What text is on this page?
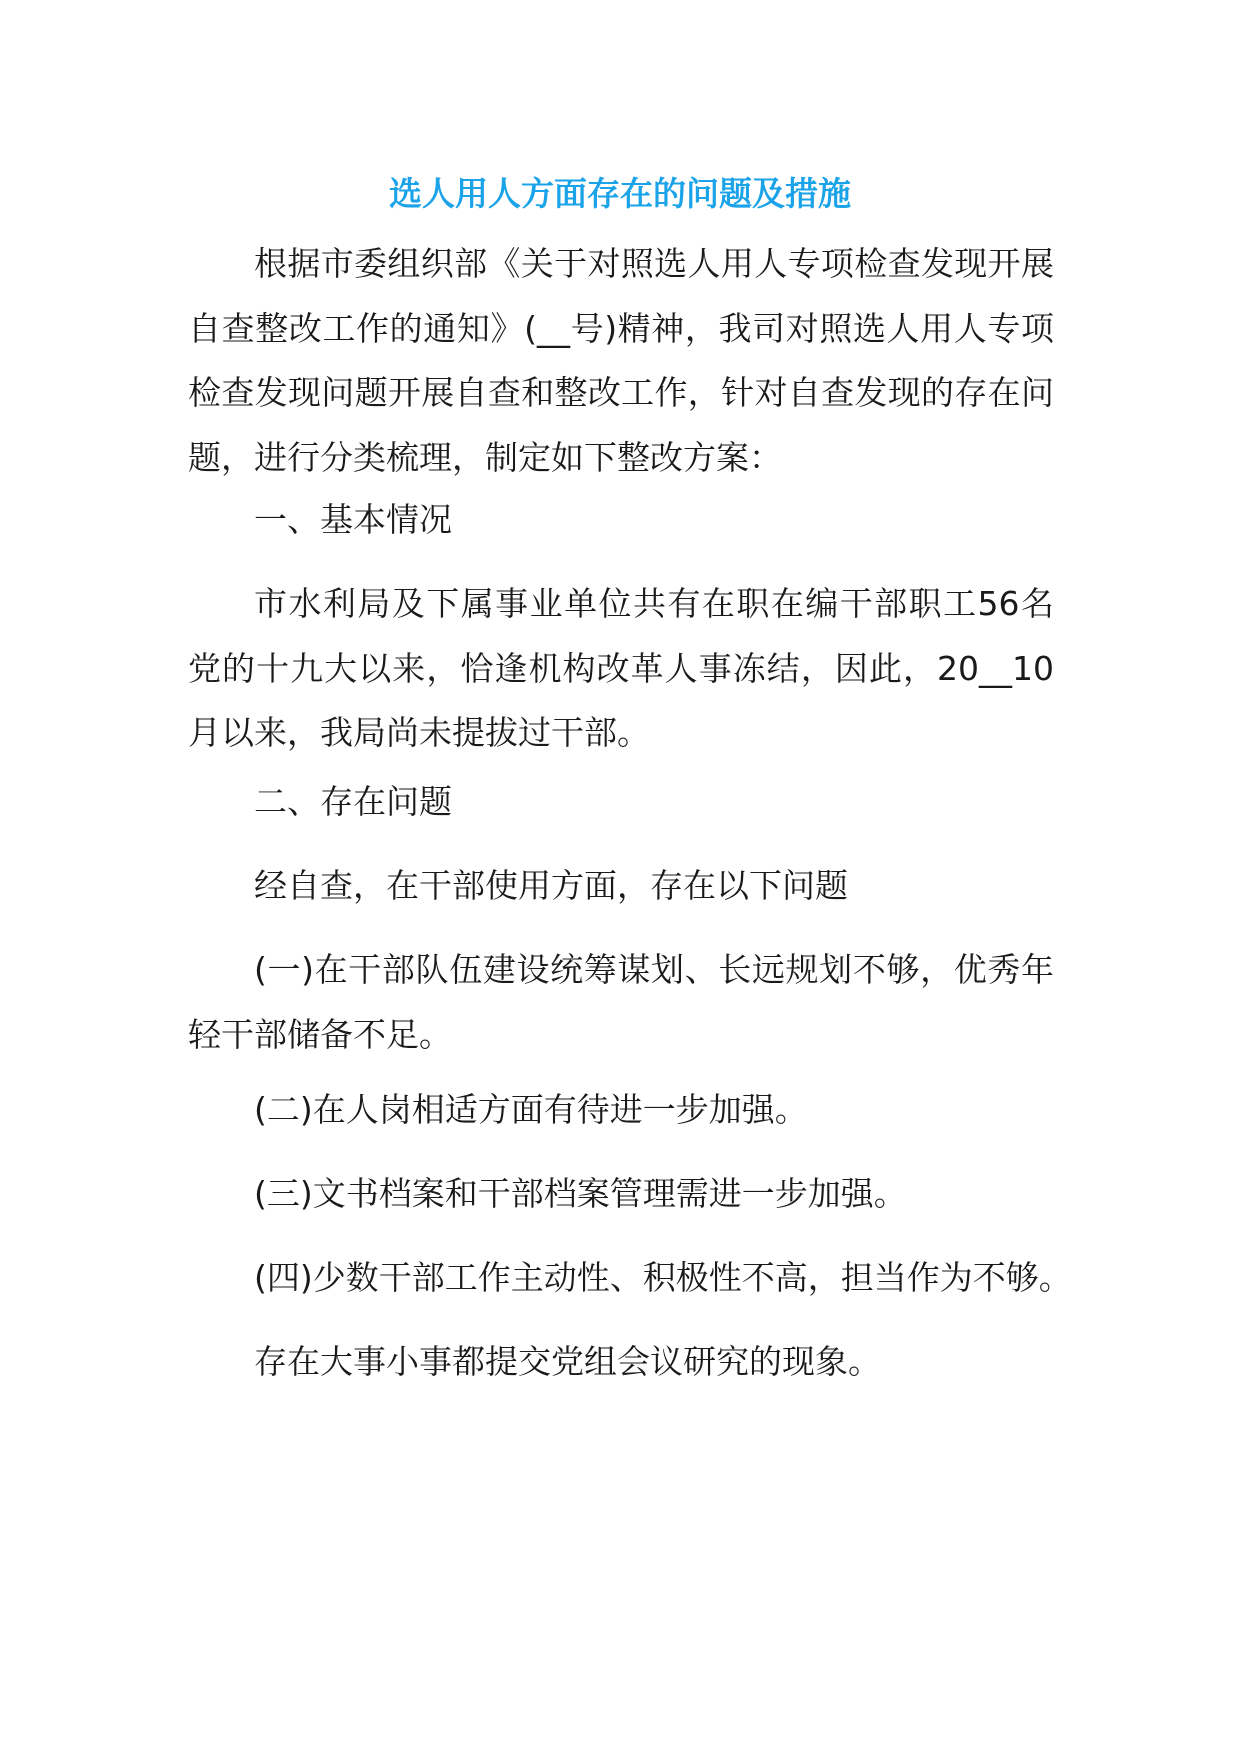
选人用人方面存在的问题及措施

根据市委组织部《关于对照选人用人专项检查发现开展自查整改工作的通知》(__号)精神，我司对照选人用人专项检查发现问题开展自查和整改工作，针对自查发现的存在问题，进行分类梳理，制定如下整改方案：

一、基本情况

市水利局及下属事业单位共有在职在编干部职工56名党的十九大以来，恰逢机构改革人事冻结，因此，20__10月以来，我局尚未提拔过干部。

二、存在问题

经自查，在干部使用方面，存在以下问题

(一)在干部队伍建设统筹谋划、长远规划不够，优秀年轻干部储备不足。

(二)在人岗相适方面有待进一步加强。

(三)文书档案和干部档案管理需进一步加强。

(四)少数干部工作主动性、积极性不高，担当作为不够。

存在大事小事都提交党组会议研究的现象。
